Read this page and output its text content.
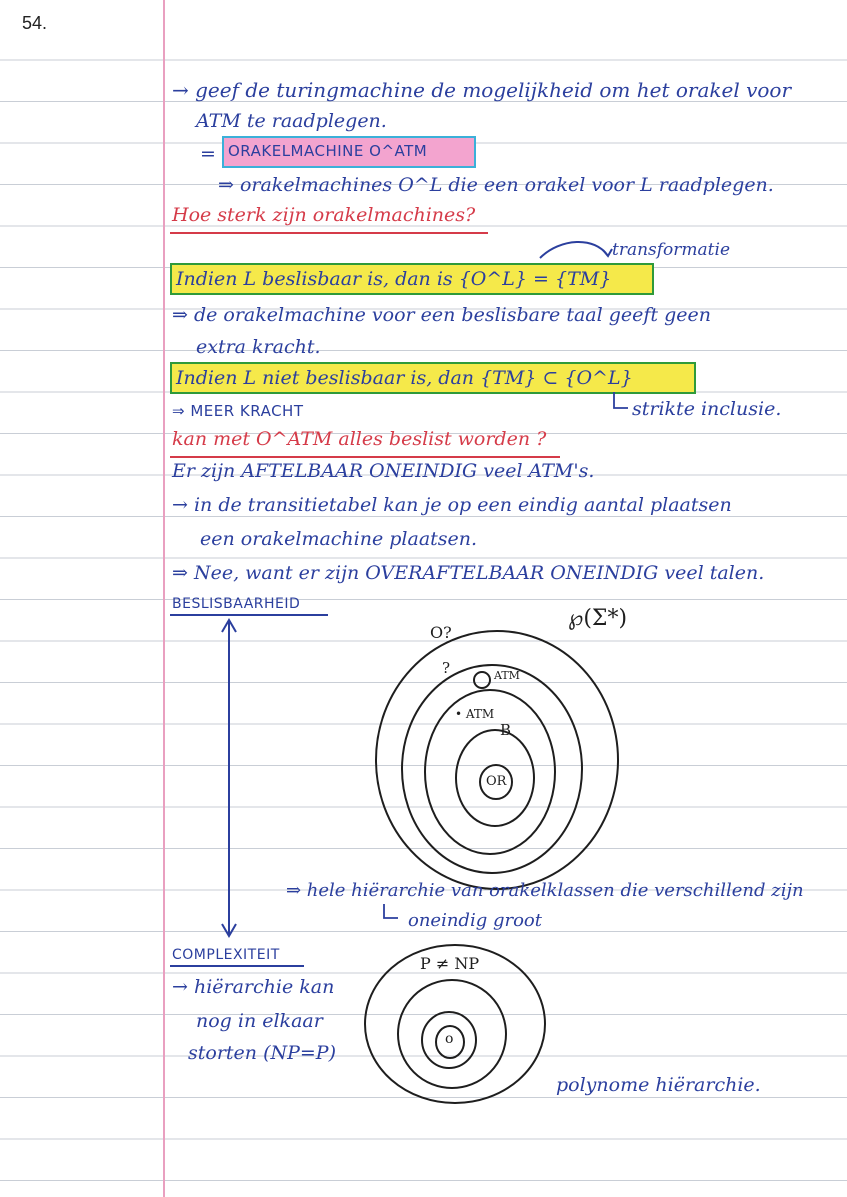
54.
→ geef de turingmachine de mogelijkheid om het orakel voor
ATM te raadplegen.
= ORAKELMACHINE O^ATM
⇒ orakelmachines O^L die een orakel voor L raadplegen.
Hoe sterk zijn orakelmachines?
transformatie
Indien L beslisbaar is, dan is {O^L} = {TM}
⇒ de orakelmachine voor een beslisbare taal geeft geen
extra kracht.
Indien L niet beslisbaar is, dan {TM} ⊂ {O^L}
⇒ MEER KRACHT	strikte inclusie.
kan met O^ATM alles beslist worden ?
Er zijn AFTELBAAR ONEINDIG veel ATM's.
→ in de transitietabel kan je op een eindig aantal plaatsen
een orakelmachine plaatsen.
⇒ Nee, want er zijn OVERAFTELBAAR ONEINDIG veel talen.
BESLISBAARHEID
℘(Σ*)
O?
?	ATM
• ATM
B
OR
⇒ hele hiërarchie van orakelklassen die verschillend zijn
oneindig groot
COMPLEXITEIT
→ hiërarchie kan
nog in elkaar
storten (NP=P)
P ≠ NP
o
polynome hiërarchie.
